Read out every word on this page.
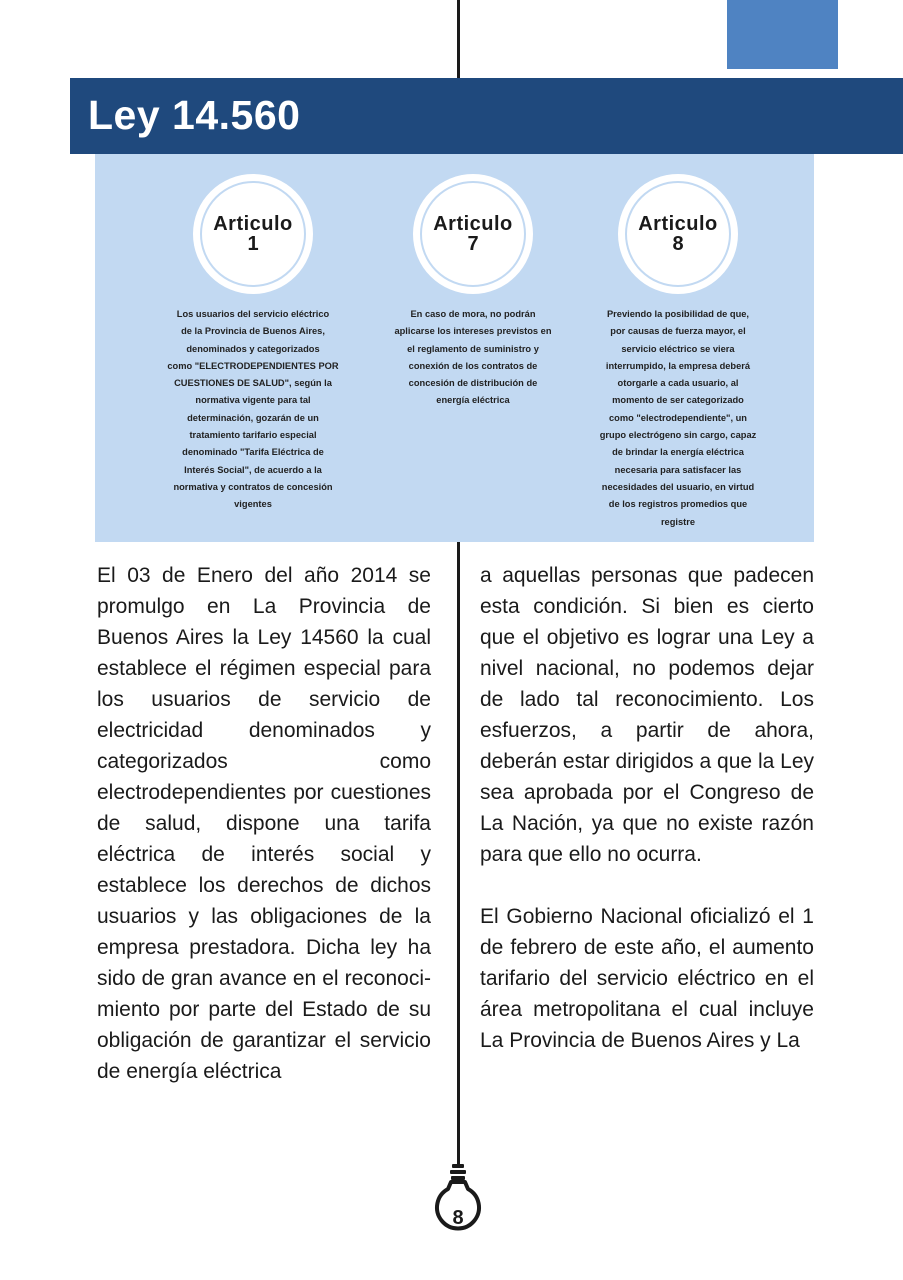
Ley 14.560
Articulo
1
Los usuarios del servicio eléctrico
de la Provincia de Buenos Aires,
denominados y categorizados
como "ELECTRODEPENDIENTES POR
CUESTIONES DE SALUD", según la
normativa vigente para tal
determinación, gozarán de un
tratamiento tarifario especial
denominado "Tarifa Eléctrica de
Interés Social", de acuerdo a la
normativa y contratos de concesión
vigentes
Articulo
7
En caso de mora, no podrán
aplicarse los intereses previstos en
el reglamento de suministro y
conexión de los contratos de
concesión de distribución de
energía eléctrica
Articulo
8
Previendo la posibilidad de que,
por causas de fuerza mayor, el
servicio eléctrico se viera
interrumpido, la empresa deberá
otorgarle a cada usuario, al
momento de ser categorizado
como "electrodependiente", un
grupo electrógeno sin cargo, capaz
de brindar la energía eléctrica
necesaria para satisfacer las
necesidades del usuario, en virtud
de los registros promedios que
registre

El 03 de Enero del año 2014 se promulgo en La Provincia de Buenos Aires la Ley 14560 la cual establece el régimen especial para los usuarios de servicio de electricidad denominados y categorizados como electrodependientes por cuestiones de salud, dispone una tarifa eléctrica de interés social y establece los derechos de dichos usuarios y las obligaciones de la empresa prestadora. Dicha ley ha sido de gran avance en el reconocimiento por parte del Estado de su obligación de garantizar el servicio de energía eléctrica

a aquellas personas que padecen esta condición. Si bien es cierto que el objetivo es lograr una Ley a nivel nacional, no podemos dejar de lado tal reconocimiento. Los esfuerzos, a partir de ahora, deberán estar dirigidos a que la Ley sea aprobada por el Congreso de La Nación, ya que no existe razón para que ello no ocurra.

El Gobierno Nacional oficializó el 1 de febrero de este año, el aumento tarifario del servicio eléctrico en el área metropolitana el cual incluye La Provincia de Buenos Aires y La

8
